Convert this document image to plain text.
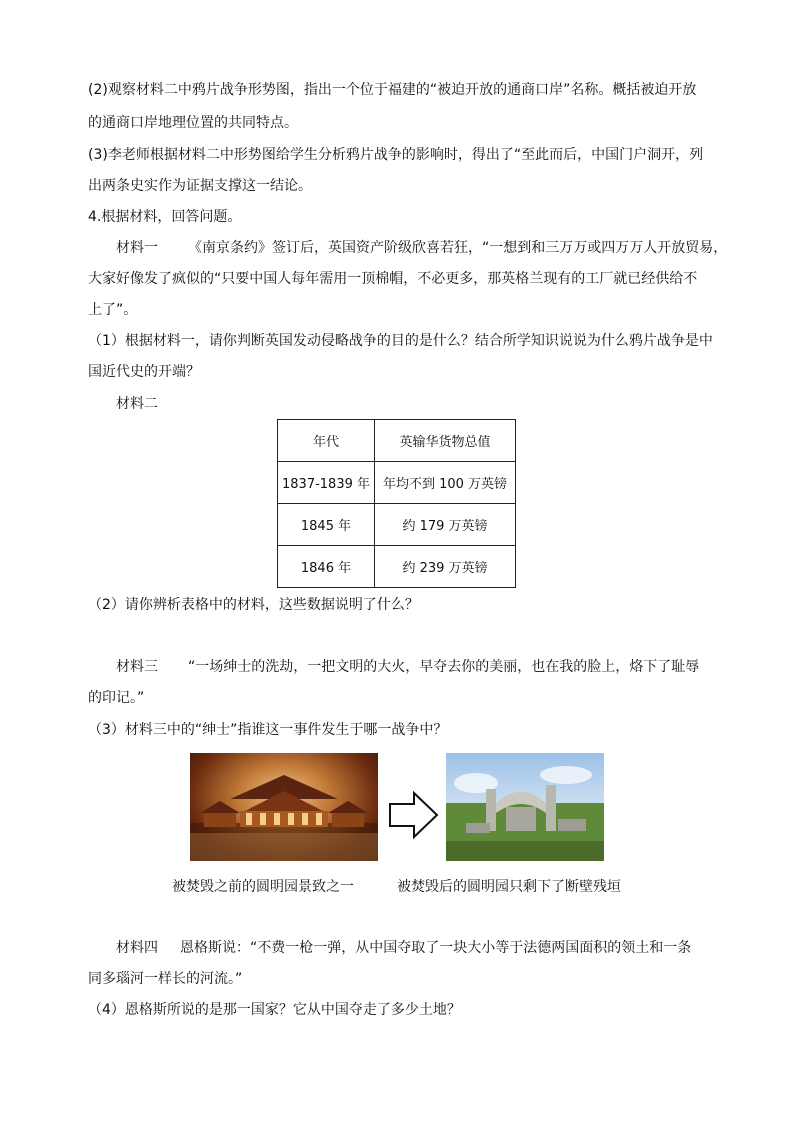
(2)观察材料二中鸦片战争形势图，指出一个位于福建的“被迫开放的通商口岸”名称。概括被迫开放
的通商口岸地理位置的共同特点。
(3)李老师根据材料二中形势图给学生分析鸦片战争的影响时，得出了“至此而后，中国门户洞开，列
出两条史实作为证据支撑这一结论。
4.根据材料，回答问题。
材料一 《南京条约》签订后，英国资产阶级欣喜若狂，“一想到和三万万或四万万人开放贸易，
大家好像发了疯似的“只要中国人每年需用一顶棉帽，不必更多，那英格兰现有的工厂就已经供给不
上了”。
（1）根据材料一，请你判断英国发动侵略战争的目的是什么？结合所学知识说说为什么鸦片战争是中
国近代史的开端？
材料二
年代	英输华货物总值
1837-1839 年	年均不到 100 万英镑
1845 年	约 179 万英镑
1846 年	约 239 万英镑
（2）请你辨析表格中的材料，这些数据说明了什么？
材料三 “一场绅士的洗劫，一把文明的大火，早夺去你的美丽，也在我的脸上，烙下了耻辱
的印记。”
（3）材料三中的“绅士”指谁这一事件发生于哪一战争中？
被焚毁之前的圆明园景致之一	被焚毁后的圆明园只剩下了断壁残垣
材料四 恩格斯说：“不费一枪一弹，从中国夺取了一块大小等于法德两国面积的领土和一条
同多瑙河一样长的河流。”
（4）恩格斯所说的是那一国家？它从中国夺走了多少土地？
